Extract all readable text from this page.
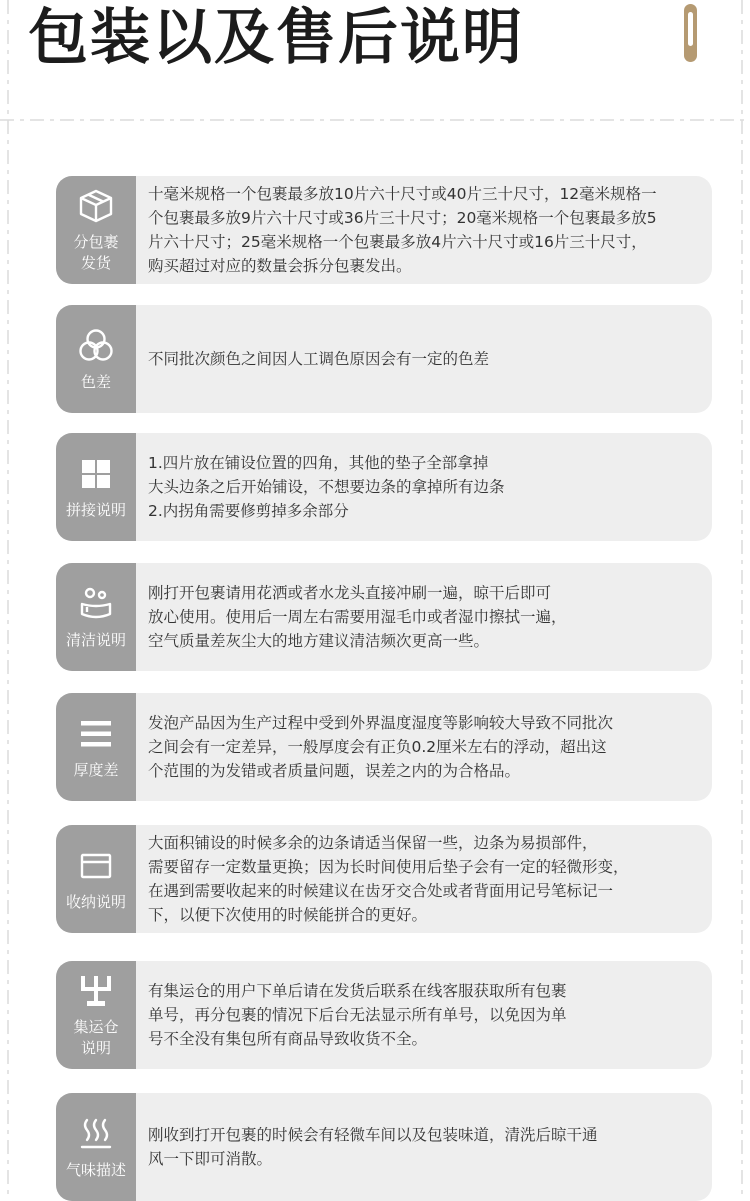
包装以及售后说明
分包裹
发货
十毫米规格一个包裹最多放10片六十尺寸或40片三十尺寸，12毫米规格一
个包裹最多放9片六十尺寸或36片三十尺寸；20毫米规格一个包裹最多放5
片六十尺寸；25毫米规格一个包裹最多放4片六十尺寸或16片三十尺寸，
购买超过对应的数量会拆分包裹发出。
色差
不同批次颜色之间因人工调色原因会有一定的色差
拼接说明
1.四片放在铺设位置的四角，其他的垫子全部拿掉
大头边条之后开始铺设，不想要边条的拿掉所有边条
2.内拐角需要修剪掉多余部分
清洁说明
刚打开包裹请用花洒或者水龙头直接冲刷一遍，晾干后即可
放心使用。使用后一周左右需要用湿毛巾或者湿巾擦拭一遍，
空气质量差灰尘大的地方建议清洁频次更高一些。
厚度差
发泡产品因为生产过程中受到外界温度湿度等影响较大导致不同批次
之间会有一定差异，一般厚度会有正负0.2厘米左右的浮动，超出这
个范围的为发错或者质量问题，误差之内的为合格品。
收纳说明
大面积铺设的时候多余的边条请适当保留一些，边条为易损部件，
需要留存一定数量更换；因为长时间使用后垫子会有一定的轻微形变，
在遇到需要收起来的时候建议在齿牙交合处或者背面用记号笔标记一
下，以便下次使用的时候能拼合的更好。
集运仓
说明
有集运仓的用户下单后请在发货后联系在线客服获取所有包裹
单号，再分包裹的情况下后台无法显示所有单号，以免因为单
号不全没有集包所有商品导致收货不全。
气味描述
刚收到打开包裹的时候会有轻微车间以及包装味道，清洗后晾干通
风一下即可消散。
